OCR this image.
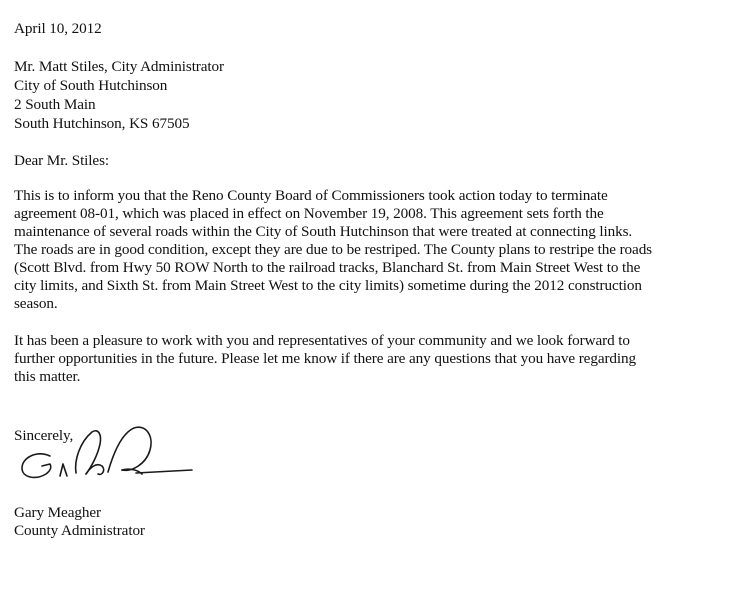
April 10, 2012
Mr. Matt Stiles, City Administrator
City of South Hutchinson
2 South Main
South Hutchinson, KS 67505
Dear Mr. Stiles:
This is to inform you that the Reno County Board of Commissioners took action today to terminate
agreement 08-01, which was placed in effect on November 19, 2008. This agreement sets forth the
maintenance of several roads within the City of South Hutchinson that were treated at connecting links.
The roads are in good condition, except they are due to be restriped. The County plans to restripe the roads
(Scott Blvd. from Hwy 50 ROW North to the railroad tracks, Blanchard St. from Main Street West to the
city limits, and Sixth St. from Main Street West to the city limits) sometime during the 2012 construction
season.
It has been a pleasure to work with you and representatives of your community and we look forward to
further opportunities in the future. Please let me know if there are any questions that you have regarding
this matter.
Sincerely,
Gary Meagher
County Administrator
